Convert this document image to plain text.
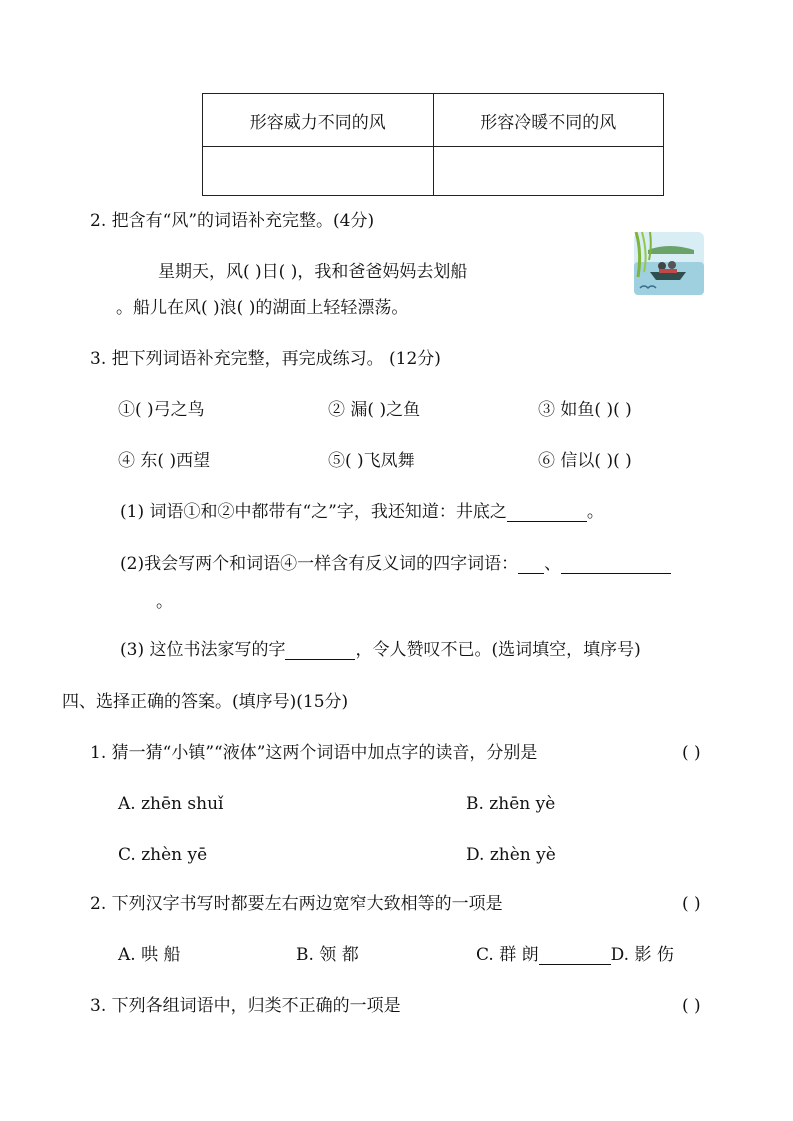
形容威力不同的风	形容冷暖不同的风

2. 把含有“风”的词语补充完整。(4分)
星期天，风( )日( )，我和爸爸妈妈去划船
。船儿在风( )浪( )的湖面上轻轻漂荡。
3. 把下列词语补充完整，再完成练习。 (12分)
①( )弓之鸟	② 漏( )之鱼	③ 如鱼( )( )
④ 东( )西望	⑤( )飞凤舞	⑥ 信以( )( )
(1) 词语①和②中都带有“之”字，我还知道：井底之	。
(2)我会写两个和词语④一样含有反义词的四字词语： 、
。
(3) 这位书法家写的字	，令人赞叹不已。(选词填空，填序号)
四、选择正确的答案。(填序号)(15分)
1. 猜一猜“小镇”“液体”这两个词语中加点字的读音，分别是	( )
A. zhēn shuǐ	B. zhēn yè
C. zhèn yē	D. zhèn yè
2. 下列汉字书写时都要左右两边宽窄大致相等的一项是	( )
A. 哄 船	B. 领 都	C. 群 朗	D. 影 伤
3. 下列各组词语中，归类不正确的一项是	( )
